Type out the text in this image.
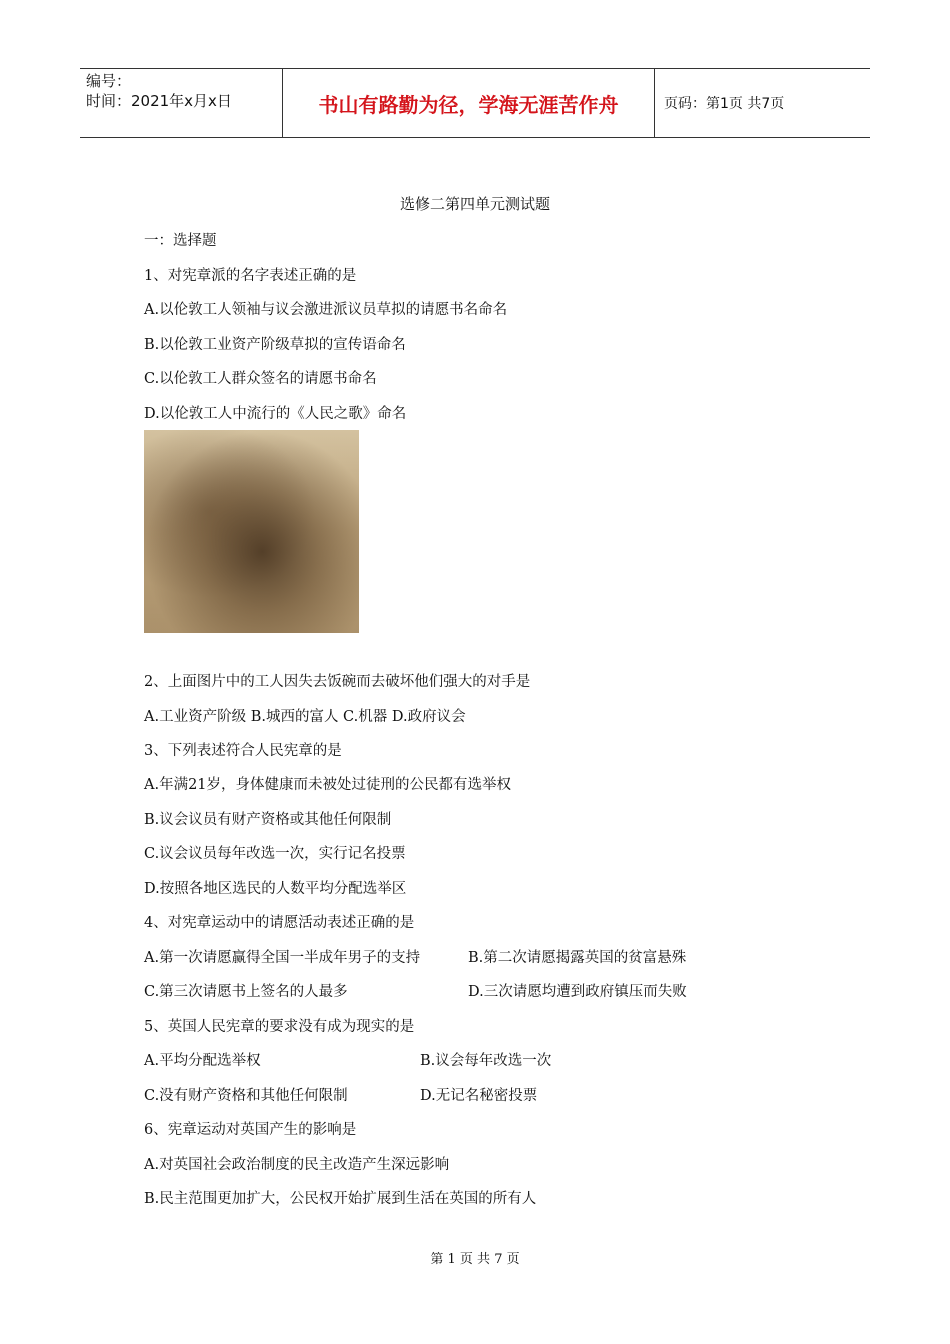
编号：
时间：2021年x月x日	书山有路勤为径，学海无涯苦作舟	页码：第1页 共7页
选修二第四单元测试题
一：选择题
1、对宪章派的名字表述正确的是
A.以伦敦工人领袖与议会激进派议员草拟的请愿书名命名
B.以伦敦工业资产阶级草拟的宣传语命名
C.以伦敦工人群众签名的请愿书命名
D.以伦敦工人中流行的《人民之歌》命名
2、上面图片中的工人因失去饭碗而去破坏他们强大的对手是
A.工业资产阶级 B.城西的富人 C.机器 D.政府议会
3、下列表述符合人民宪章的是
A.年满21岁，身体健康而未被处过徒刑的公民都有选举权
B.议会议员有财产资格或其他任何限制
C.议会议员每年改选一次，实行记名投票
D.按照各地区选民的人数平均分配选举区
4、对宪章运动中的请愿活动表述正确的是
A.第一次请愿赢得全国一半成年男子的支持	B.第二次请愿揭露英国的贫富悬殊
C.第三次请愿书上签名的人最多	D.三次请愿均遭到政府镇压而失败
5、英国人民宪章的要求没有成为现实的是
A.平均分配选举权	B.议会每年改选一次
C.没有财产资格和其他任何限制	D.无记名秘密投票
6、宪章运动对英国产生的影响是
A.对英国社会政治制度的民主改造产生深远影响
B.民主范围更加扩大，公民权开始扩展到生活在英国的所有人
第 1 页 共 7 页
